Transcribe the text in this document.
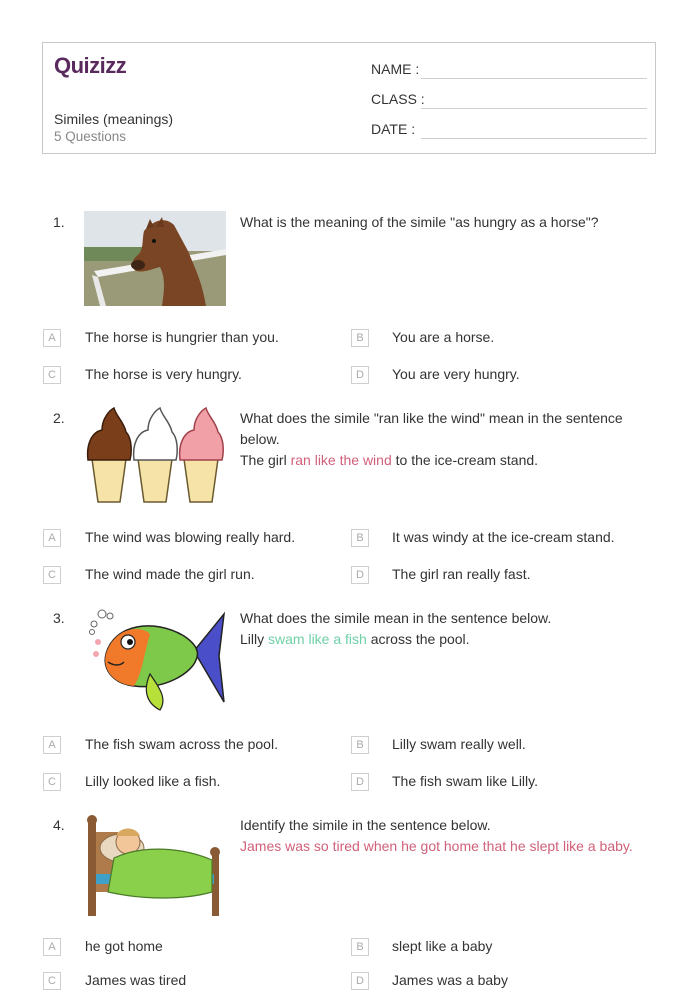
Quizizz
Similes (meanings)
5 Questions
NAME :
CLASS :
DATE :
1.	What is the meaning of the simile "as hungry as a horse"?
A	The horse is hungrier than you.	B	You are a horse.
C	The horse is very hungry.	D	You are very hungry.
2.	What does the simile "ran like the wind" mean in the sentence below.
The girl ran like the wind to the ice-cream stand.
A	The wind was blowing really hard.	B	It was windy at the ice-cream stand.
C	The wind made the girl run.	D	The girl ran really fast.
3.	What does the simile mean in the sentence below.
Lilly swam like a fish across the pool.
A	The fish swam across the pool.	B	Lilly swam really well.
C	Lilly looked like a fish.	D	The fish swam like Lilly.
4.	Identify the simile in the sentence below.
James was so tired when he got home that he slept like a baby.
A	he got home	B	slept like a baby
C	James was tired	D	James was a baby
